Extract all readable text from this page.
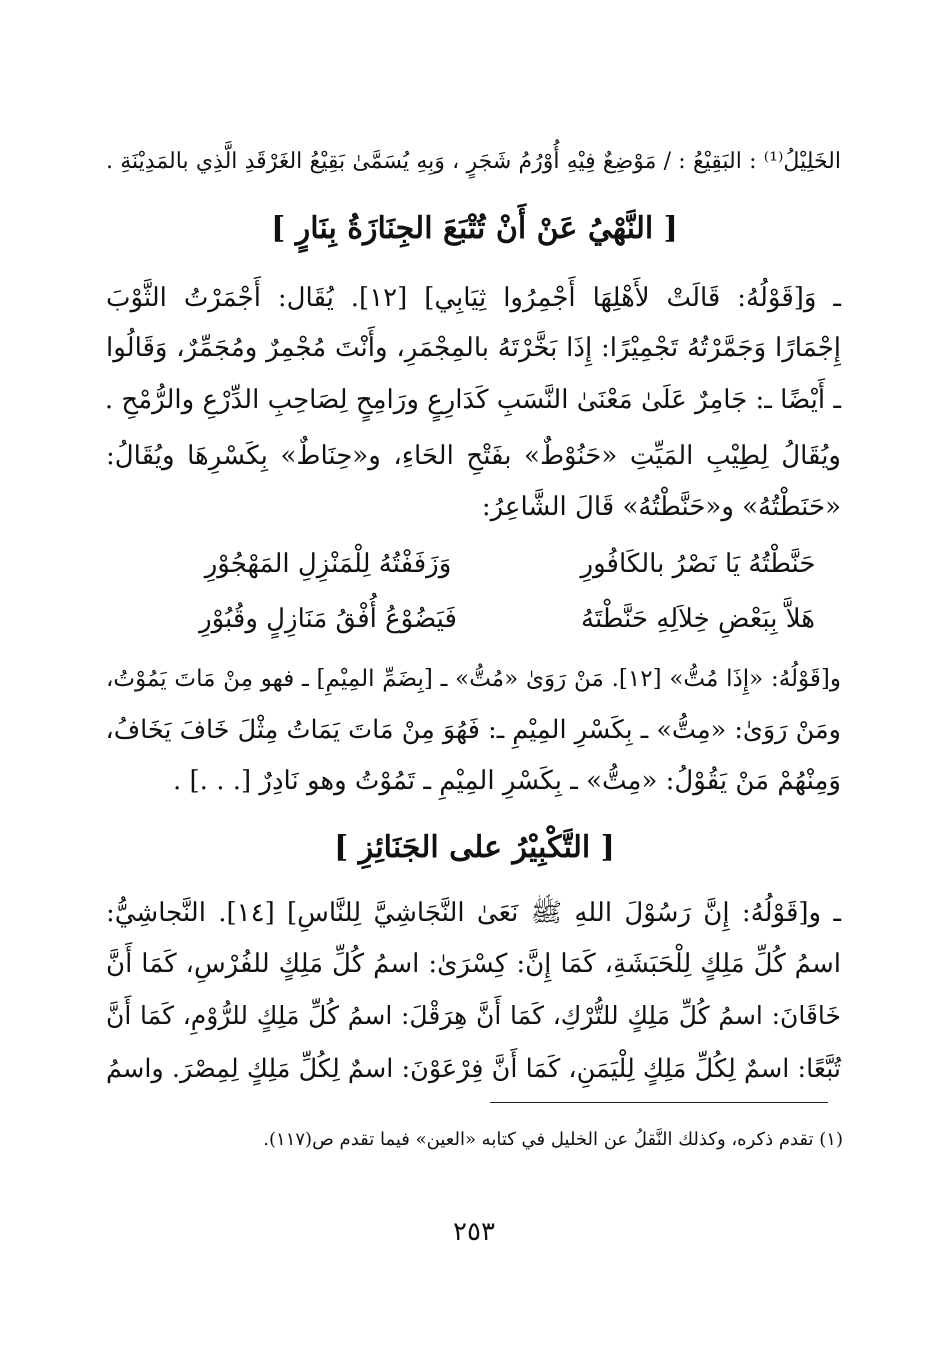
الخَلِيْلُ⁽¹⁾ : البَقِيْعُ : / مَوْضِعٌ فِيْهِ أُوْرُمُ شَجَرٍ ، وَبِهِ يُسَمَّىٰ بَقِيْعُ الغَرْقَدِ الَّذِي بالمَدِيْنَةِ .
[ النَّهْيُ عَنْ أَنْ تُتْبَعَ الجِنَازَةُ بِنَارٍ ]
ـ وَ[قَوْلُهُ: قَالَتْ لأَهْلِهَا أَجْمِرُوا ثِيَابِي] [١٢]. يُقَال: أَجْمَرْتُ الثَّوْبَ
إِجْمَارًا وَجَمَّرْتُهُ تَجْمِيْرًا: إِذَا بَخَّرْتَهُ بالمِجْمَرِ، وأَنْتَ مُجْمِرٌ ومُجَمِّرٌ، وَقَالُوا
ـ أَيْضًا ـ: جَامِرٌ عَلَىٰ مَعْنَىٰ النَّسَبِ كَدَارِعٍ ورَامِحٍ لِصَاحِبِ الدِّرْعِ والرُّمْحِ .
ويُقَالُ لِطِيْبِ المَيِّتِ «حَنُوْطٌ» بفَتْحِ الحَاءِ، و«حِنَاطٌ» بِكَسْرِهَا ويُقَالُ:
«حَنَطْتُهُ» و«حَنَّطْتُهُ» قَالَ الشَّاعِرُ:
حَنَّطْتُهُ يَا نَصْرُ بالكَافُورِ
وَزَفَفْتُهُ لِلْمَنْزِلِ المَهْجُوْرِ
هَلاَّ بِبَعْضِ خِلاَلِهِ حَنَّطْتَهُ
فَيَضُوْعُ أُفْقُ مَنَازِلٍ وقُبُوْرِ
و[قَوْلُهُ: «إِذَا مُتُّ» [١٢]. مَنْ رَوَىٰ «مُتُّ» ـ [بِضَمِّ المِيْمِ] ـ فهو مِنْ مَاتَ يَمُوْتُ،
ومَنْ رَوَىٰ: «مِتُّ» ـ بِكَسْرِ المِيْمِ ـ: فَهُوَ مِنْ مَاتَ يَمَاتُ مِثْلَ خَافَ يَخَافُ،
وَمِنْهُمْ مَنْ يَقُوْلُ: «مِتُّ» ـ بِكَسْرِ المِيْمِ ـ تَمُوْتُ وهو نَادِرٌ [. . .] .
[ التَّكْبِيْرُ على الجَنَائِزِ ]
ـ و[قَوْلُهُ: إِنَّ رَسُوْلَ اللهِ ﷺ نَعَىٰ النَّجَاشِيَّ لِلنَّاسِ] [١٤]. النَّجاشِيُّ:
اسمُ كُلِّ مَلِكٍ لِلْحَبَشَةِ، كَمَا إِنَّ: كِسْرَىٰ: اسمُ كُلِّ مَلِكٍ للفُرْسِ، كَمَا أَنَّ
خَاقَانَ: اسمُ كُلِّ مَلِكٍ للتُّرْكِ، كَمَا أَنَّ هِرَقْلَ: اسمُ كُلِّ مَلِكٍ للرُّوْمِ، كَمَا أَنَّ
تُبَّعًا: اسمٌ لِكُلِّ مَلِكٍ لِلْيَمَنِ، كَمَا أَنَّ فِرْعَوْنَ: اسمٌ لِكُلِّ مَلِكٍ لِمِصْرَ. واسمُ
(١) تقدم ذكره، وكذلك النَّقلُ عن الخليل في كتابه «العين» فيما تقدم ص(١١٧).
٢٥٣
